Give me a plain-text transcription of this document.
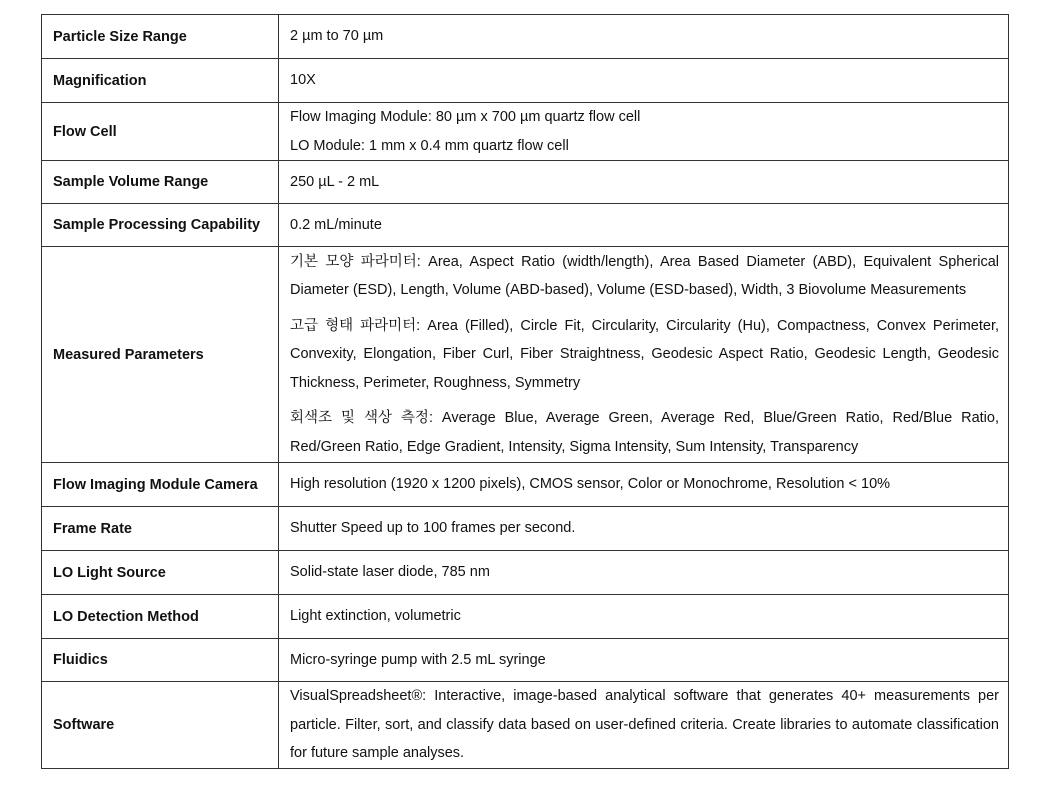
Particle Size Range	2 µm to 70 µm

Magnification	10X

Flow Cell	Flow Imaging Module: 80 µm x 700 µm quartz flow cell

LO Module: 1 mm x 0.4 mm quartz flow cell

Sample Volume Range	250 µL - 2 mL

Sample Processing Capability	0.2 mL/minute

Measured Parameters	기본 모양 파라미터: Area, Aspect Ratio (width/length), Area Based Diameter (ABD), Equivalent Spherical Diameter (ESD), Length, Volume (ABD-based), Volume (ESD-based), Width, 3 Biovolume Measurements

고급 형태 파라미터: Area (Filled), Circle Fit, Circularity, Circularity (Hu), Compactness, Convex Perimeter, Convexity, Elongation, Fiber Curl, Fiber Straightness, Geodesic Aspect Ratio, Geodesic Length, Geodesic Thickness, Perimeter, Roughness, Symmetry

회색조 및 색상 측정: Average Blue, Average Green, Average Red, Blue/Green Ratio, Red/Blue Ratio, Red/Green Ratio, Edge Gradient, Intensity, Sigma Intensity, Sum Intensity, Transparency

Flow Imaging Module Camera	High resolution (1920 x 1200 pixels), CMOS sensor, Color or Monochrome, Resolution < 10%

Frame Rate	Shutter Speed up to 100 frames per second.

LO Light Source	Solid-state laser diode, 785 nm

LO Detection Method	Light extinction, volumetric

Fluidics	Micro-syringe pump with 2.5 mL syringe

Software	VisualSpreadsheet®: Interactive, image-based analytical software that generates 40+ measurements per particle. Filter, sort, and classify data based on user-defined criteria. Create libraries to automate classification for future sample analyses.
